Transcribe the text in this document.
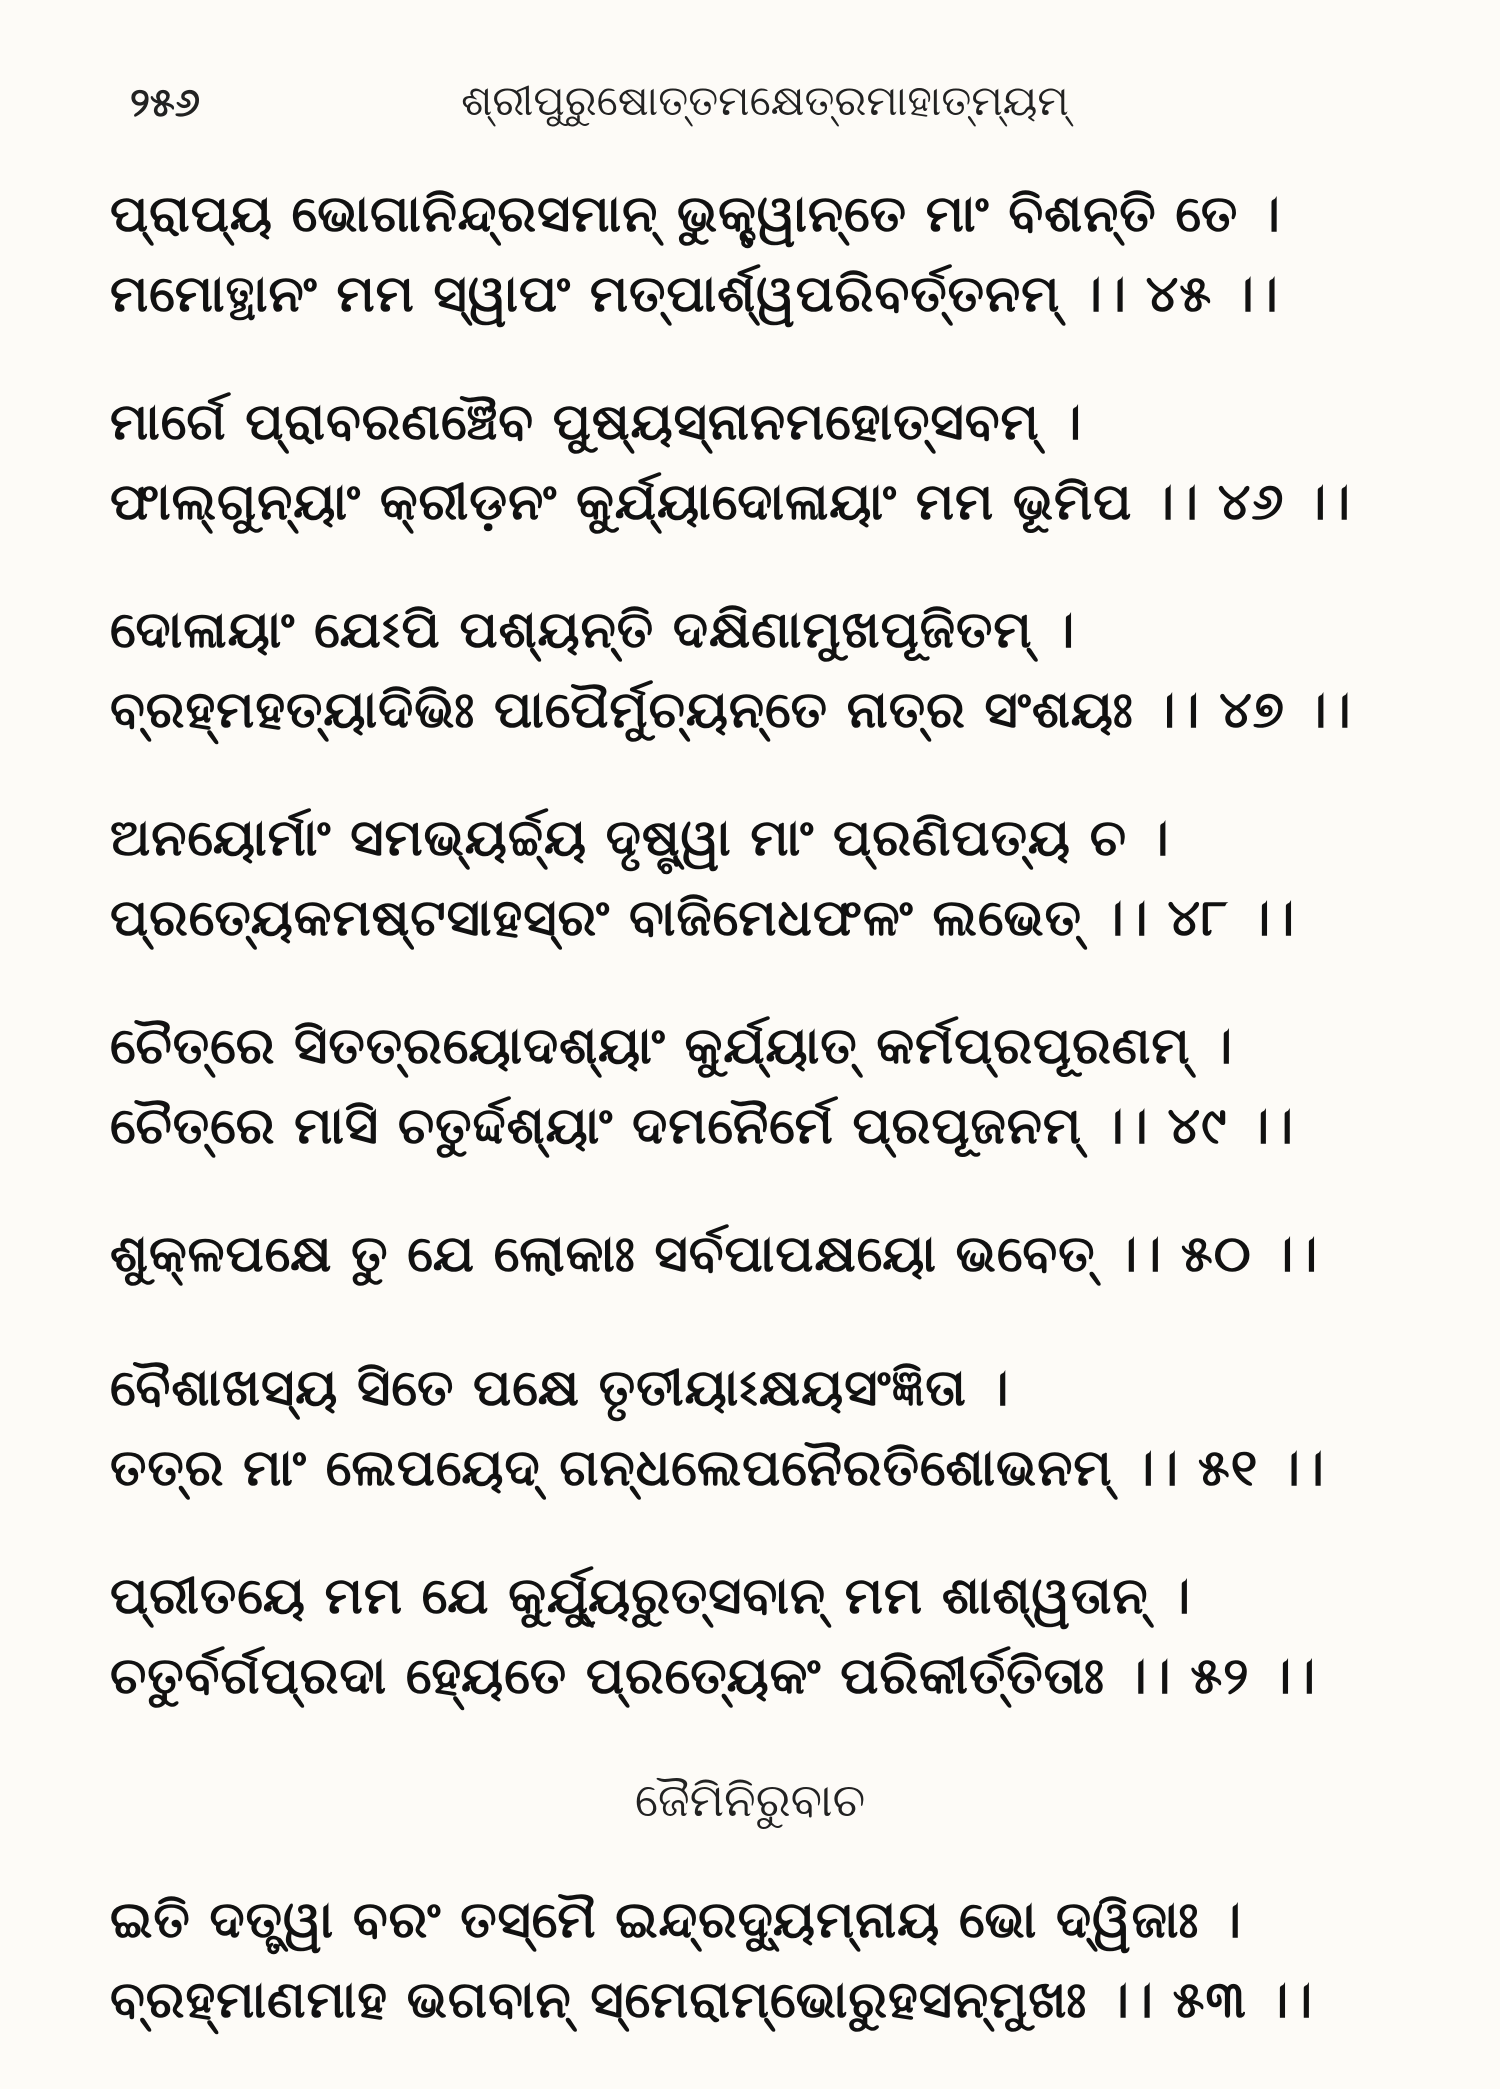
୨୫୬	ଶ୍ରୀପୁରୁଷୋତ୍ତମକ୍ଷେତ୍ରମାହାତ୍ମ୍ୟମ୍
ପ୍ରାପ୍ୟ ଭୋଗାନିନ୍ଦ୍ରସମାନ୍ ଭୁକ୍ତ୍ୱାନ୍ତେ ମାଂ ବିଶନ୍ତି ତେ ।
ମମୋତ୍ଥାନଂ ମମ ସ୍ୱାପଂ ମତ୍ପାର୍ଶ୍ୱପରିବର୍ତ୍ତନମ୍ ।। ୪୫ ।।
ମାର୍ଗେ ପ୍ରାବରଣଞ୍ଚୈବ ପୁଷ୍ୟସ୍ନାନମହୋତ୍ସବମ୍ ।
ଫାଲ୍‌ଗୁନ୍ୟାଂ କ୍ରୀଡ଼ନଂ କୁର୍ଯ୍ୟାଦୋଳାୟାଂ ମମ ଭୂମିପ ।। ୪୬ ।।
ଦୋଳାୟାଂ ଯେଽପି ପଶ୍ୟନ୍ତି ଦକ୍ଷିଣାମୁଖପୂଜିତମ୍ ।
ବ୍ରହ୍ମହତ୍ୟାଦିଭିଃ ପାପୈର୍ମୁଚ୍ୟନ୍ତେ ନାତ୍ର ସଂଶୟଃ ।। ୪୭ ।।
ଅନୟୋର୍ମାଂ ସମଭ୍ୟର୍ଚ୍ଚ୍ୟ ଦୃଷ୍ଟ୍ୱା ମାଂ ପ୍ରଣିପତ୍ୟ ଚ ।
ପ୍ରତ୍ୟେକମଷ୍ଟସାହସ୍ରଂ ବାଜିମେଧଫଳଂ ଲଭେତ୍ ।। ୪୮ ।।
ଚୈତ୍ରେ ସିତତ୍ରୟୋଦଶ୍ୟାଂ କୁର୍ଯ୍ୟାତ୍ କର୍ମପ୍ରପୂରଣମ୍ ।
ଚୈତ୍ରେ ମାସି ଚତୁର୍ଦ୍ଦଶ୍ୟାଂ ଦମନୈର୍ମେ ପ୍ରପୂଜନମ୍ ।। ୪୯ ।।
ଶୁକ୍ଳପକ୍ଷେ ତୁ ଯେ ଲୋକାଃ ସର୍ବପାପକ୍ଷୟୋ ଭବେତ୍ ।। ୫୦ ।।
ବୈଶାଖସ୍ୟ ସିତେ ପକ୍ଷେ ତୃତୀୟାଽକ୍ଷୟସଂଜ୍ଞିତା ।
ତତ୍ର ମାଂ ଲେପୟେଦ୍ ଗନ୍ଧଲେପନୈରତିଶୋଭନମ୍ ।। ୫୧ ।।
ପ୍ରୀତୟେ ମମ ଯେ କୁର୍ଯ୍ୟୁରୁତ୍ସବାନ୍ ମମ ଶାଶ୍ୱତାନ୍ ।
ଚତୁର୍ବର୍ଗପ୍ରଦା ହ୍ୟେତେ ପ୍ରତ୍ୟେକଂ ପରିକୀର୍ତ୍ତିତାଃ ।। ୫୨ ।।
ଜୈମିନିରୁବାଚ
ଇତି ଦତ୍ତ୍ୱା ବରଂ ତସ୍ମୈ ଇନ୍ଦ୍ରଦ୍ୟୁମ୍ନାୟ ଭୋ ଦ୍ୱିଜାଃ ।
ବ୍ରହ୍ମାଣମାହ ଭଗବାନ୍ ସ୍ମେରାମ୍ଭୋରୁହସନ୍ମୁଖଃ ।। ୫୩ ।।
